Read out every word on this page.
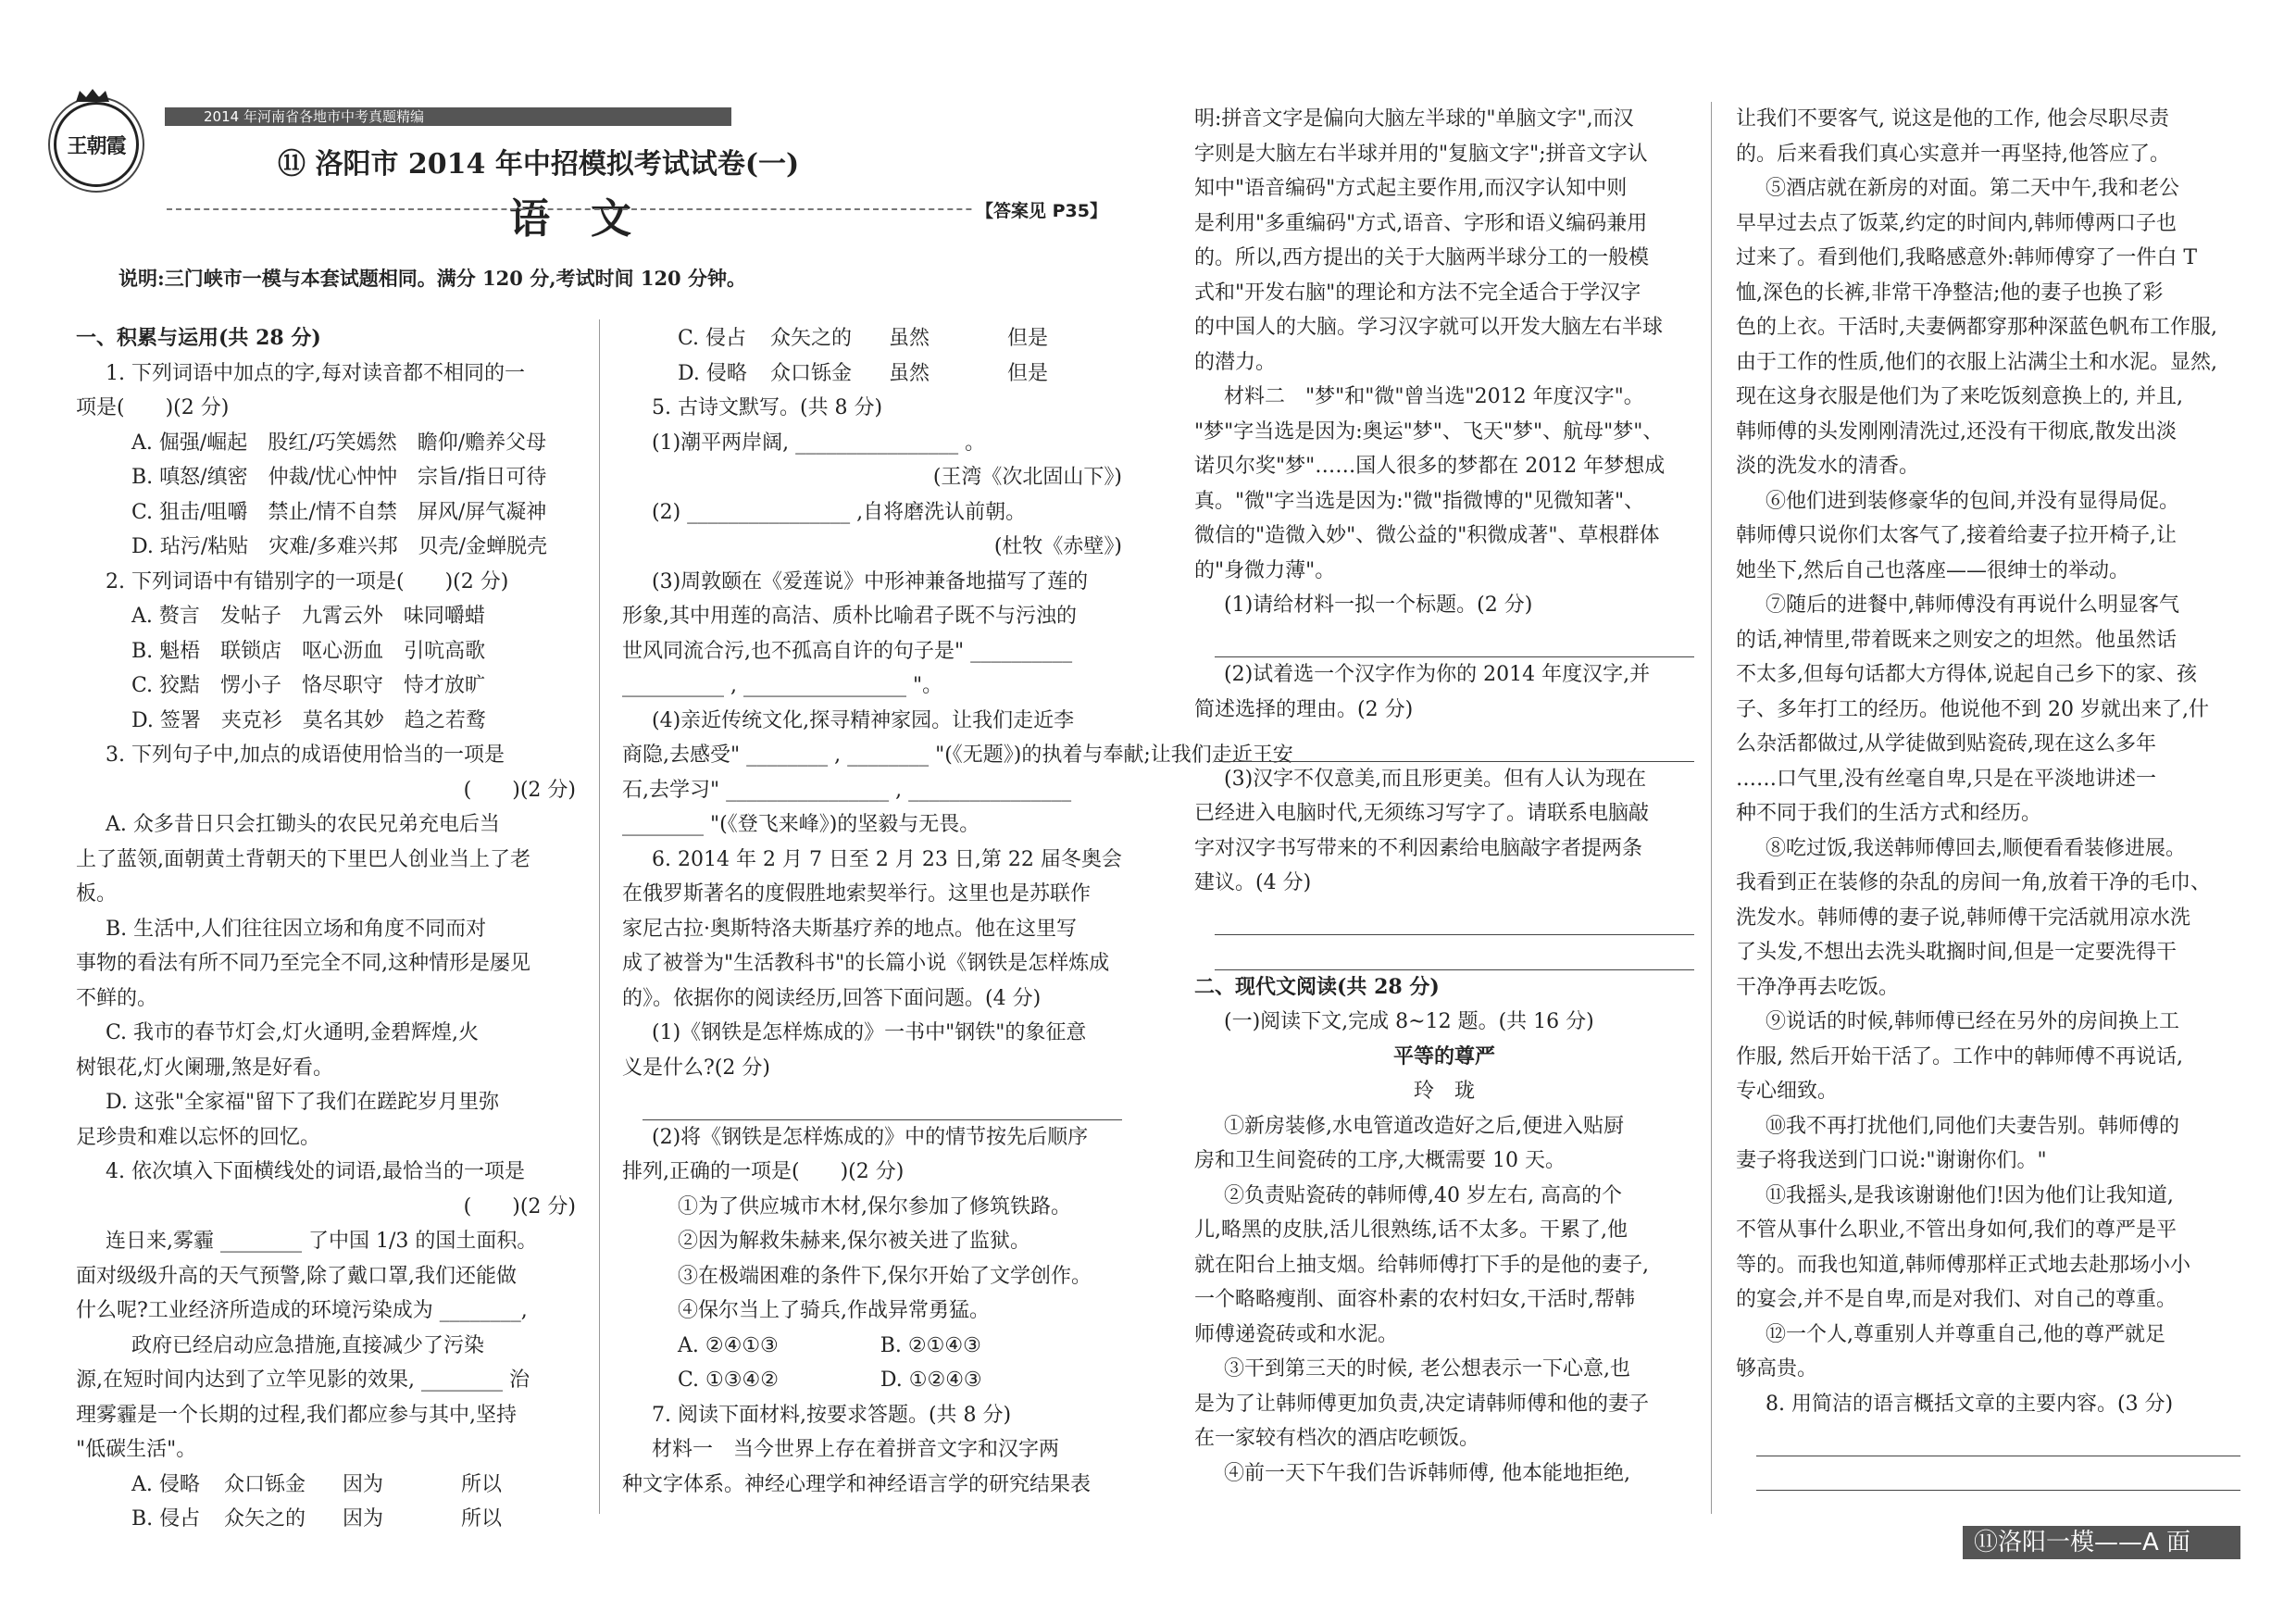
王朝霞
2014 年河南省各地市中考真题精编
⑪ 洛阳市 2014 年中招模拟考试试卷(一)
语　文	【答案见 P35】
说明:三门峡市一模与本套试题相同。满分 120 分,考试时间 120 分钟。

一、积累与运用(共 28 分)

1. 下列词语中加点的字,每对读音都不相同的一

项是(　　)(2 分)

A. 倔强/崛起　股红/巧笑嫣然　瞻仰/赡养父母

B. 嗔怒/缜密　仲裁/忧心忡忡　宗旨/指日可待

C. 狙击/咀嚼　禁止/情不自禁　屏风/屏气凝神

D. 玷污/粘贴　灾难/多难兴邦　贝壳/金蝉脱壳

2. 下列词语中有错别字的一项是(　　)(2 分)

A. 赘言　发帖子　九霄云外　味同嚼蜡

B. 魁梧　联锁店　呕心沥血　引吭高歌

C. 狡黠　愣小子　恪尽职守　恃才放旷

D. 签署　夹克衫　莫名其妙　趋之若鹜

3. 下列句子中,加点的成语使用恰当的一项是

(　　)(2 分)

A. 众多昔日只会扛锄头的农民兄弟充电后当

上了蓝领,面朝黄土背朝天的下里巴人创业当上了老

板。

B. 生活中,人们往往因立场和角度不同而对

事物的看法有所不同乃至完全不同,这种情形是屡见

不鲜的。

C. 我市的春节灯会,灯火通明,金碧辉煌,火

树银花,灯火阑珊,煞是好看。

D. 这张"全家福"留下了我们在蹉跎岁月里弥

足珍贵和难以忘怀的回忆。

4. 依次填入下面横线处的词语,最恰当的一项是

(　　)(2 分)

连日来,雾霾 ________ 了中国 1/3 的国土面积。

面对级级升高的天气预警,除了戴口罩,我们还能做

什么呢?工业经济所造成的环境污染成为 ________,

政府已经启动应急措施,直接减少了污染

源,在短时间内达到了立竿见影的效果, ________ 治

理雾霾是一个长期的过程,我们都应参与其中,坚持

"低碳生活"。

A. 侵略 众口铄金 因为	所以

B. 侵占 众矢之的 因为	所以

C. 侵占 众矢之的 虽然	但是

D. 侵略 众口铄金 虽然	但是

5. 古诗文默写。(共 8 分)

(1)潮平两岸阔, ________________ 。

(王湾《次北固山下》)

(2) ________________ ,自将磨洗认前朝。

(杜牧《赤壁》)

(3)周敦颐在《爱莲说》中形神兼备地描写了莲的

形象,其中用莲的高洁、质朴比喻君子既不与污浊的

世风同流合污,也不孤高自许的句子是" __________

__________ , ________________ "。

(4)亲近传统文化,探寻精神家园。让我们走近李

商隐,去感受" ________ , ________ "(《无题》)的执着与奉献;让我们走近王安

石,去学习" ________________ , ________________

________ "(《登飞来峰》)的坚毅与无畏。

6. 2014 年 2 月 7 日至 2 月 23 日,第 22 届冬奥会

在俄罗斯著名的度假胜地索契举行。这里也是苏联作

家尼古拉·奥斯特洛夫斯基疗养的地点。他在这里写

成了被誉为"生活教科书"的长篇小说《钢铁是怎样炼成

的》。依据你的阅读经历,回答下面问题。(4 分)

(1)《钢铁是怎样炼成的》一书中"钢铁"的象征意

义是什么?(2 分)

(2)将《钢铁是怎样炼成的》中的情节按先后顺序

排列,正确的一项是(　　)(2 分)

①为了供应城市木材,保尔参加了修筑铁路。

②因为解救朱赫来,保尔被关进了监狱。

③在极端困难的条件下,保尔开始了文学创作。

④保尔当上了骑兵,作战异常勇猛。

A. ②④①③　　　　　B. ②①④③

C. ①③④②　　　　　D. ①②④③

7. 阅读下面材料,按要求答题。(共 8 分)

材料一　当今世界上存在着拼音文字和汉字两

种文字体系。神经心理学和神经语言学的研究结果表

明:拼音文字是偏向大脑左半球的"单脑文字",而汉

字则是大脑左右半球并用的"复脑文字";拼音文字认

知中"语音编码"方式起主要作用,而汉字认知中则

是利用"多重编码"方式,语音、字形和语义编码兼用

的。所以,西方提出的关于大脑两半球分工的一般模

式和"开发右脑"的理论和方法不完全适合于学汉字

的中国人的大脑。学习汉字就可以开发大脑左右半球

的潜力。

材料二　"梦"和"微"曾当选"2012 年度汉字"。

"梦"字当选是因为:奥运"梦"、飞天"梦"、航母"梦"、

诺贝尔奖"梦"……国人很多的梦都在 2012 年梦想成

真。"微"字当选是因为:"微"指微博的"见微知著"、

微信的"造微入妙"、微公益的"积微成著"、草根群体

的"身微力薄"。

(1)请给材料一拟一个标题。(2 分)

(2)试着选一个汉字作为你的 2014 年度汉字,并

简述选择的理由。(2 分)

(3)汉字不仅意美,而且形更美。但有人认为现在

已经进入电脑时代,无须练习写字了。请联系电脑敲

字对汉字书写带来的不利因素给电脑敲字者提两条

建议。(4 分)

二、现代文阅读(共 28 分)

(一)阅读下文,完成 8~12 题。(共 16 分)

平等的尊严

玲　珑

①新房装修,水电管道改造好之后,便进入贴厨

房和卫生间瓷砖的工序,大概需要 10 天。

②负责贴瓷砖的韩师傅,40 岁左右, 高高的个

儿,略黑的皮肤,活儿很熟练,话不太多。干累了,他

就在阳台上抽支烟。给韩师傅打下手的是他的妻子,

一个略略瘦削、面容朴素的农村妇女,干活时,帮韩

师傅递瓷砖或和水泥。

③干到第三天的时候, 老公想表示一下心意,也

是为了让韩师傅更加负责,决定请韩师傅和他的妻子

在一家较有档次的酒店吃顿饭。

④前一天下午我们告诉韩师傅, 他本能地拒绝,

让我们不要客气, 说这是他的工作, 他会尽职尽责

的。后来看我们真心实意并一再坚持,他答应了。

⑤酒店就在新房的对面。第二天中午,我和老公

早早过去点了饭菜,约定的时间内,韩师傅两口子也

过来了。看到他们,我略感意外:韩师傅穿了一件白 T

恤,深色的长裤,非常干净整洁;他的妻子也换了彩

色的上衣。干活时,夫妻俩都穿那种深蓝色帆布工作服,

由于工作的性质,他们的衣服上沾满尘土和水泥。显然,

现在这身衣服是他们为了来吃饭刻意换上的, 并且,

韩师傅的头发刚刚清洗过,还没有干彻底,散发出淡

淡的洗发水的清香。

⑥他们进到装修豪华的包间,并没有显得局促。

韩师傅只说你们太客气了,接着给妻子拉开椅子,让

她坐下,然后自己也落座——很绅士的举动。

⑦随后的进餐中,韩师傅没有再说什么明显客气

的话,神情里,带着既来之则安之的坦然。他虽然话

不太多,但每句话都大方得体,说起自己乡下的家、孩

子、多年打工的经历。他说他不到 20 岁就出来了,什

么杂活都做过,从学徒做到贴瓷砖,现在这么多年

……口气里,没有丝毫自卑,只是在平淡地讲述一

种不同于我们的生活方式和经历。

⑧吃过饭,我送韩师傅回去,顺便看看装修进展。

我看到正在装修的杂乱的房间一角,放着干净的毛巾、

洗发水。韩师傅的妻子说,韩师傅干完活就用凉水洗

了头发,不想出去洗头耽搁时间,但是一定要洗得干

干净净再去吃饭。

⑨说话的时候,韩师傅已经在另外的房间换上工

作服, 然后开始干活了。工作中的韩师傅不再说话,

专心细致。

⑩我不再打扰他们,同他们夫妻告别。韩师傅的

妻子将我送到门口说:"谢谢你们。"

⑪我摇头,是我该谢谢他们!因为他们让我知道,

不管从事什么职业,不管出身如何,我们的尊严是平

等的。而我也知道,韩师傅那样正式地去赴那场小小

的宴会,并不是自卑,而是对我们、对自己的尊重。

⑫一个人,尊重别人并尊重自己,他的尊严就足

够高贵。

8. 用简洁的语言概括文章的主要内容。(3 分)

⑪洛阳一模——A 面
